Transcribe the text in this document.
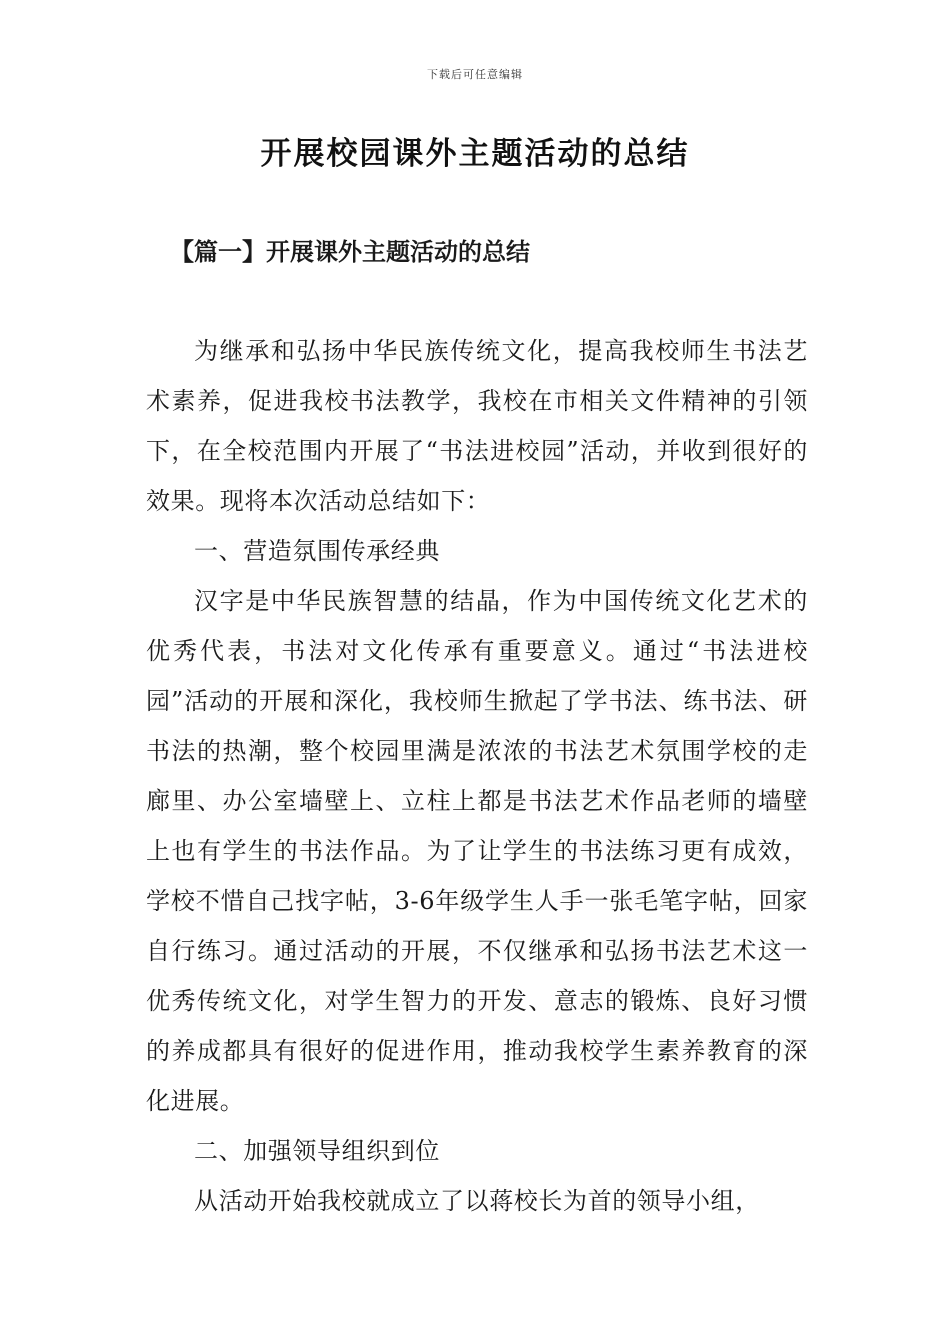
下载后可任意编辑
开展校园课外主题活动的总结
【篇一】开展课外主题活动的总结

为继承和弘扬中华民族传统文化，提高我校师生书法艺术素养，促进我校书法教学，我校在市相关文件精神的引领下，在全校范围内开展了“书法进校园”活动，并收到很好的效果。现将本次活动总结如下：

一、营造氛围传承经典

汉字是中华民族智慧的结晶，作为中国传统文化艺术的优秀代表，书法对文化传承有重要意义。通过“书法进校园”活动的开展和深化，我校师生掀起了学书法、练书法、研书法的热潮，整个校园里满是浓浓的书法艺术氛围学校的走廊里、办公室墙壁上、立柱上都是书法艺术作品老师的墙壁上也有学生的书法作品。为了让学生的书法练习更有成效，学校不惜自己找字帖，3-6年级学生人手一张毛笔字帖，回家自行练习。通过活动的开展，不仅继承和弘扬书法艺术这一优秀传统文化，对学生智力的开发、意志的锻炼、良好习惯的养成都具有很好的促进作用，推动我校学生素养教育的深化进展。

二、加强领导组织到位

从活动开始我校就成立了以蒋校长为首的领导小组，
